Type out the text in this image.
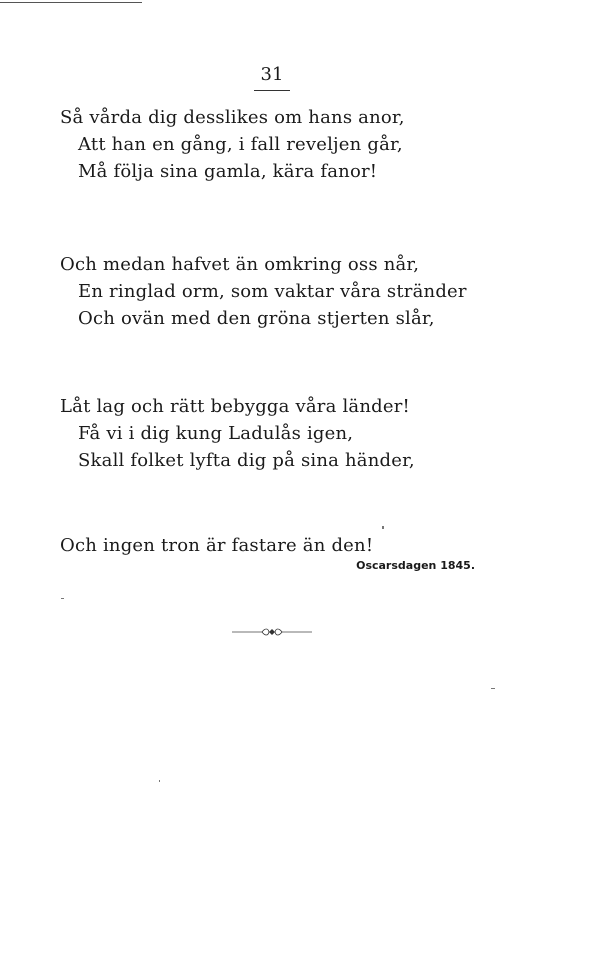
31
Så vårda dig desslikes om hans anor,
Att han en gång, i fall reveljen går,
Må följa sina gamla, kära fanor!
Och medan hafvet än omkring oss når,
En ringlad orm, som vaktar våra stränder
Och ovän med den gröna stjerten slår,
Låt lag och rätt bebygga våra länder!
Få vi i dig kung Ladulås igen,
Skall folket lyfta dig på sina händer,
Och ingen tron är fastare än den!
Oscarsdagen 1845.
